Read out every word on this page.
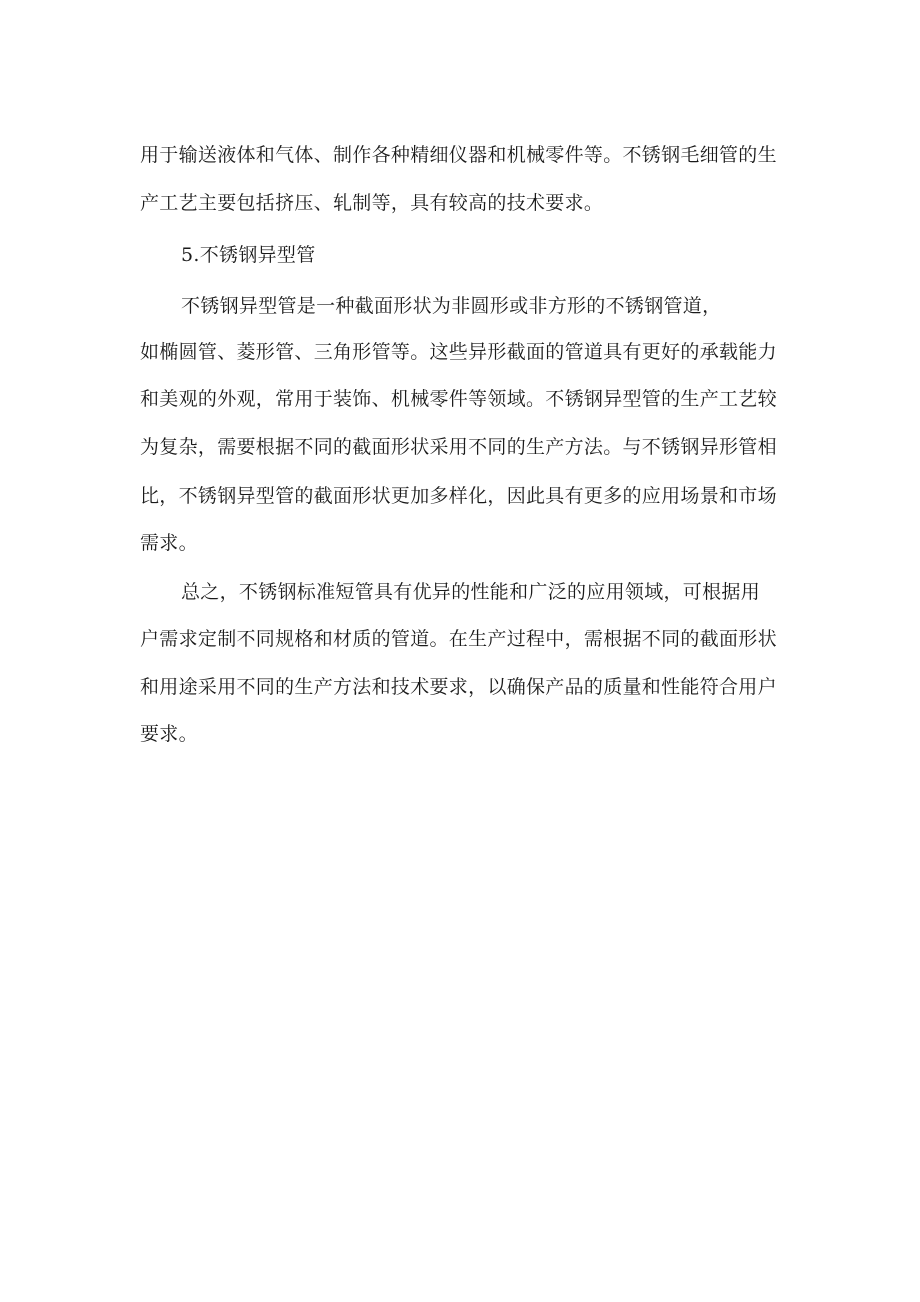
用于输送液体和气体、制作各种精细仪器和机械零件等。不锈钢毛细管的生
产工艺主要包括挤压、轧制等，具有较高的技术要求。
5.不锈钢异型管
不锈钢异型管是一种截面形状为非圆形或非方形的不锈钢管道，
如椭圆管、菱形管、三角形管等。这些异形截面的管道具有更好的承载能力
和美观的外观，常用于装饰、机械零件等领域。不锈钢异型管的生产工艺较
为复杂，需要根据不同的截面形状采用不同的生产方法。与不锈钢异形管相
比，不锈钢异型管的截面形状更加多样化，因此具有更多的应用场景和市场
需求。
总之，不锈钢标准短管具有优异的性能和广泛的应用领域，可根据用
户需求定制不同规格和材质的管道。在生产过程中，需根据不同的截面形状
和用途采用不同的生产方法和技术要求，以确保产品的质量和性能符合用户
要求。
